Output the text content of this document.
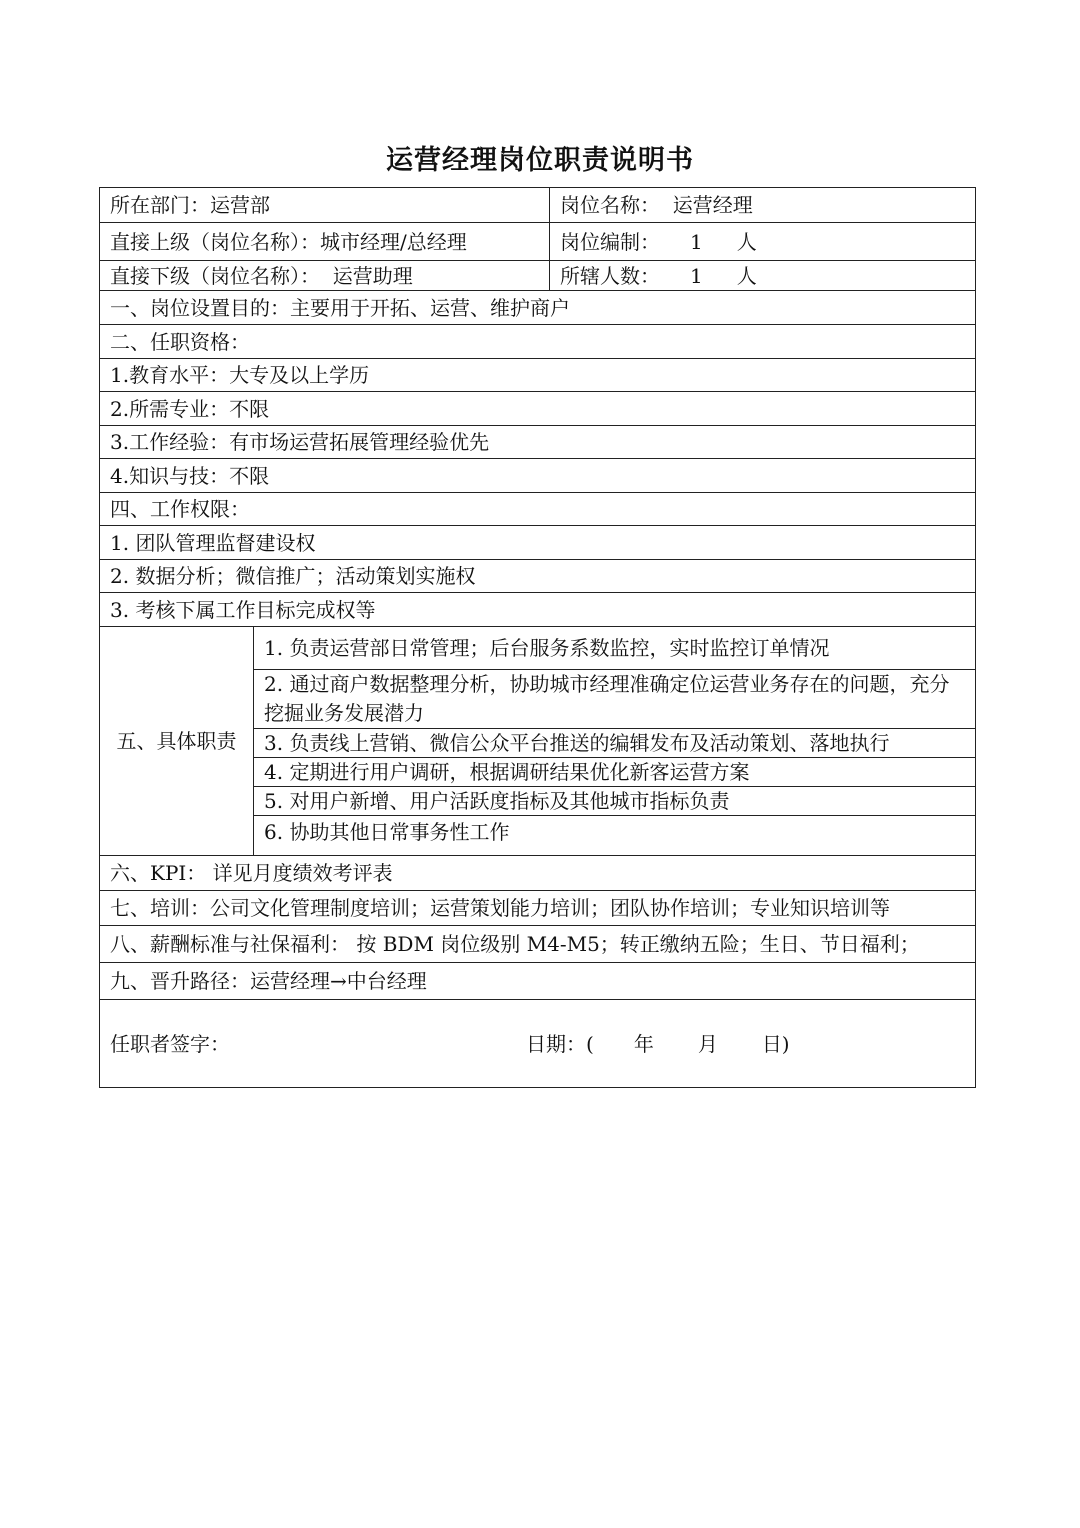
运营经理岗位职责说明书
所在部门：运营部		岗位名称： 运营经理
直接上级（岗位名称）：城市经理/总经理		岗位编制： 1 人
直接下级（岗位名称）： 运营助理		所辖人数： 1 人
一、岗位设置目的：主要用于开拓、运营、维护商户		
二、任职资格：		
1.教育水平：大专及以上学历		
2.所需专业：不限		
3.工作经验：有市场运营拓展管理经验优先		
4.知识与技：不限		
四、工作权限：		
1. 团队管理监督建设权		
2. 数据分析；微信推广；活动策划实施权		
3. 考核下属工作目标完成权等		
五、具体职责	1. 负责运营部日常管理；后台服务系数监控，实时监控订单情况	
	2. 通过商户数据整理分析，协助城市经理准确定位运营业务存在的问题，充分挖掘业务发展潜力	
	3. 负责线上营销、微信公众平台推送的编辑发布及活动策划、落地执行	
	4. 定期进行用户调研，根据调研结果优化新客运营方案	
	5. 对用户新增、用户活跃度指标及其他城市指标负责	
	6. 协助其他日常事务性工作	
六、KPI： 详见月度绩效考评表		
七、培训：公司文化管理制度培训；运营策划能力培训；团队协作培训；专业知识培训等		
八、薪酬标准与社保福利： 按 BDM 岗位级别 M4-M5；转正缴纳五险；生日、节日福利；		
九、晋升路径：运营经理→中台经理		
任职者签字： 日期：( 年 月 日)		
